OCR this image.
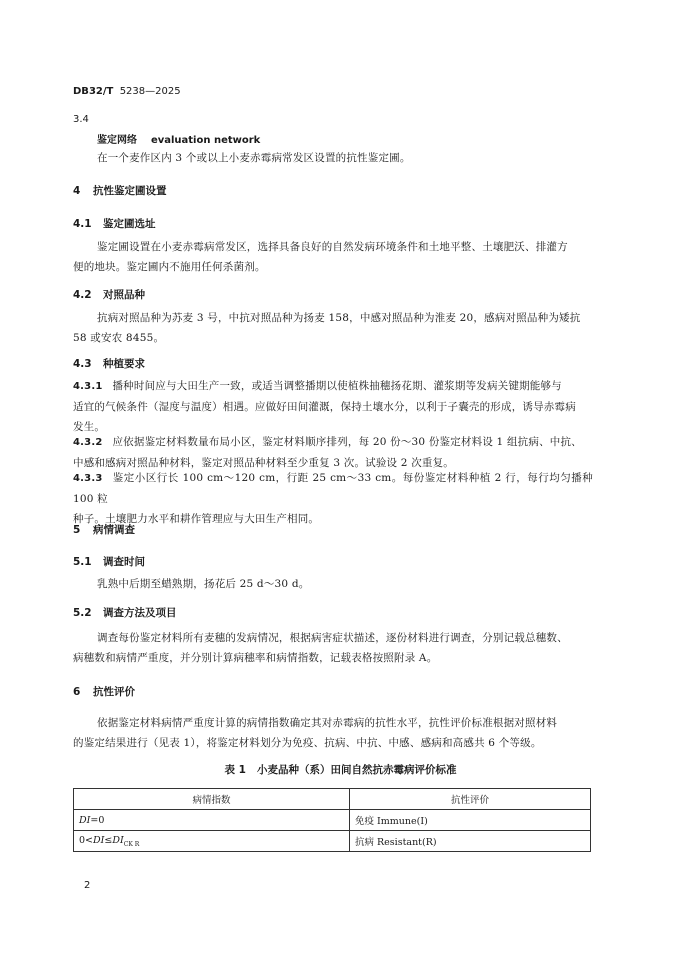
DB32/T 5238—2025
3.4
鉴定网络 evaluation network
在一个麦作区内 3 个或以上小麦赤霉病常发区设置的抗性鉴定圃。
4 抗性鉴定圃设置
4.1 鉴定圃选址
鉴定圃设置在小麦赤霉病常发区，选择具备良好的自然发病环境条件和土地平整、土壤肥沃、排灌方
便的地块。鉴定圃内不施用任何杀菌剂。
4.2 对照品种
抗病对照品种为苏麦 3 号，中抗对照品种为扬麦 158，中感对照品种为淮麦 20，感病对照品种为矮抗
58 或安农 8455。
4.3 种植要求
4.3.1 播种时间应与大田生产一致，或适当调整播期以使植株抽穗扬花期、灌浆期等发病关键期能够与
适宜的气候条件（湿度与温度）相遇。应做好田间灌溉，保持土壤水分，以利于子囊壳的形成，诱导赤霉病
发生。
4.3.2 应依据鉴定材料数量布局小区，鉴定材料顺序排列，每 20 份～30 份鉴定材料设 1 组抗病、中抗、
中感和感病对照品种材料，鉴定对照品种材料至少重复 3 次。试验设 2 次重复。
4.3.3 鉴定小区行长 100 cm～120 cm，行距 25 cm～33 cm。每份鉴定材料种植 2 行，每行均匀播种 100 粒
种子。土壤肥力水平和耕作管理应与大田生产相同。
5 病情调查
5.1 调查时间
乳熟中后期至蜡熟期，扬花后 25 d～30 d。
5.2 调查方法及项目
调查每份鉴定材料所有麦穗的发病情况，根据病害症状描述，逐份材料进行调查，分别记载总穗数、
病穗数和病情严重度，并分别计算病穗率和病情指数，记载表格按照附录 A。
6 抗性评价
依据鉴定材料病情严重度计算的病情指数确定其对赤霉病的抗性水平，抗性评价标准根据对照材料
的鉴定结果进行（见表 1），将鉴定材料划分为免疫、抗病、中抗、中感、感病和高感共 6 个等级。
表 1 小麦品种（系）田间自然抗赤霉病评价标准
病情指数	抗性评价
DI=0	免疫 Immune(I)
$0<DI\le DI_{CK R}$	抗病 Resistant(R)
2
